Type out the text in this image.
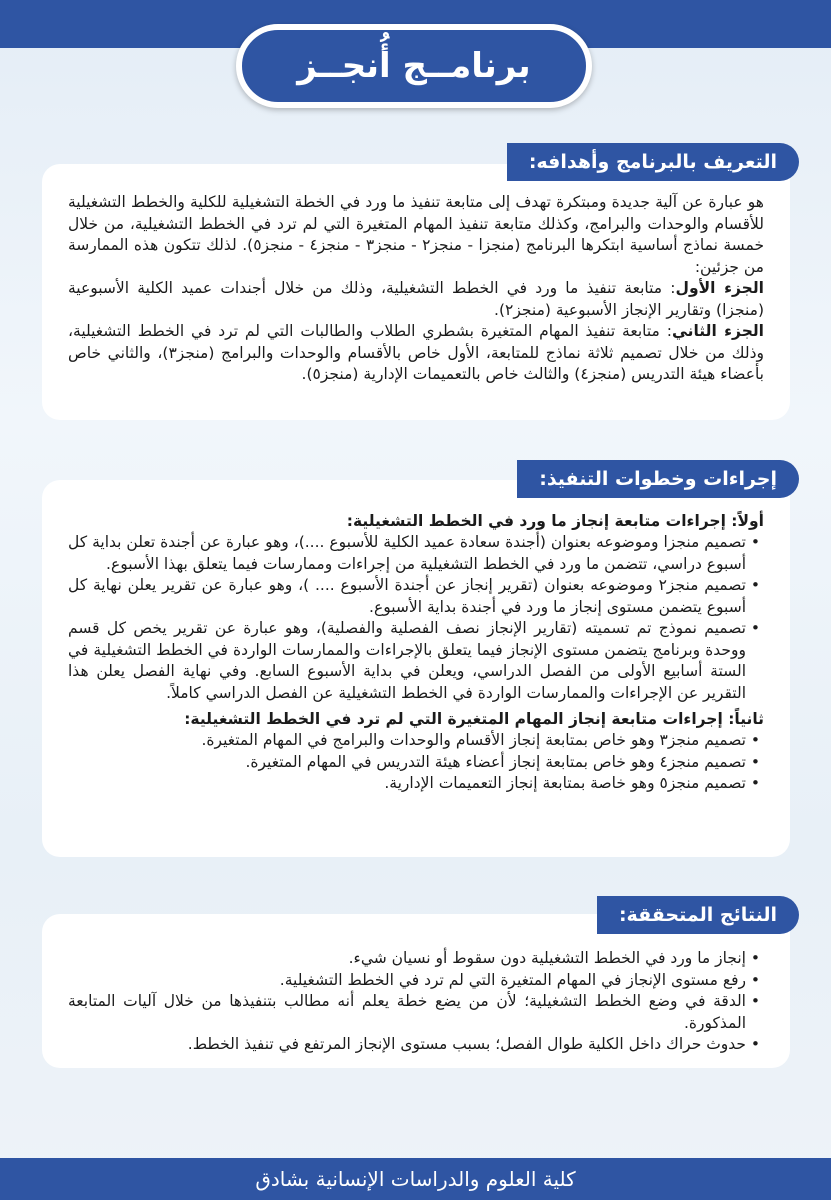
برنامــج أُنجــز

هو عبارة عن آلية جديدة ومبتكرة تهدف إلى متابعة تنفيذ ما ورد في الخطة التشغيلية للكلية والخطط التشغيلية للأقسام والوحدات والبرامج، وكذلك متابعة تنفيذ المهام المتغيرة التي لم ترد في الخطط التشغيلية، من خلال خمسة نماذج أساسية ابتكرها البرنامج (منجزا - منجز٢ - منجز٣ - منجز٤ - منجز٥). لذلك تتكون هذه الممارسة من جزئين:

الجزء الأول: متابعة تنفيذ ما ورد في الخطط التشغيلية، وذلك من خلال أجندات عميد الكلية الأسبوعية (منجزا) وتقارير الإنجاز الأسبوعية (منجز٢).

الجزء الثاني: متابعة تنفيذ المهام المتغيرة بشطري الطلاب والطالبات التي لم ترد في الخطط التشغيلية، وذلك من خلال تصميم ثلاثة نماذج للمتابعة، الأول خاص بالأقسام والوحدات والبرامج (منجز٣)، والثاني خاص بأعضاء هيئة التدريس (منجز٤) والثالث خاص بالتعميمات الإدارية (منجز٥).

التعريف بالبرنامج وأهدافه:

أولاً: إجراءات متابعة إنجاز ما ورد في الخطط التشغيلية:

• تصميم منجزا وموضوعه بعنوان (أجندة سعادة عميد الكلية للأسبوع ....)، وهو عبارة عن أجندة تعلن بداية كل أسبوع دراسي، تتضمن ما ورد في الخطط التشغيلية من إجراءات وممارسات فيما يتعلق بهذا الأسبوع.
• تصميم منجز٢ وموضوعه بعنوان (تقرير إنجاز عن أجندة الأسبوع .... )، وهو عبارة عن تقرير يعلن نهاية كل أسبوع يتضمن مستوى إنجاز ما ورد في أجندة بداية الأسبوع.
• تصميم نموذج تم تسميته (تقارير الإنجاز نصف الفصلية والفصلية)، وهو عبارة عن تقرير يخص كل قسم ووحدة وبرنامج يتضمن مستوى الإنجاز فيما يتعلق بالإجراءات والممارسات الواردة في الخطط التشغيلية في الستة أسابيع الأولى من الفصل الدراسي، ويعلن في بداية الأسبوع السابع. وفي نهاية الفصل يعلن هذا التقرير عن الإجراءات والممارسات الواردة في الخطط التشغيلية عن الفصل الدراسي كاملاً.

ثانياً: إجراءات متابعة إنجاز المهام المتغيرة التي لم ترد في الخطط التشغيلية:

• تصميم منجز٣ وهو خاص بمتابعة إنجاز الأقسام والوحدات والبرامج في المهام المتغيرة.
• تصميم منجز٤ وهو خاص بمتابعة إنجاز أعضاء هيئة التدريس في المهام المتغيرة.
• تصميم منجز٥ وهو خاصة بمتابعة إنجاز التعميمات الإدارية.
إجراءات وخطوات التنفيذ:
• إنجاز ما ورد في الخطط التشغيلية دون سقوط أو نسيان شيء.
• رفع مستوى الإنجاز في المهام المتغيرة التي لم ترد في الخطط التشغيلية.
• الدقة في وضع الخطط التشغيلية؛ لأن من يضع خطة يعلم أنه مطالب بتنفيذها من خلال آليات المتابعة المذكورة.
• حدوث حراك داخل الكلية طوال الفصل؛ بسبب مستوى الإنجاز المرتفع في تنفيذ الخطط.
النتائج المتحققة:
كلية العلوم والدراسات الإنسانية بشادق
